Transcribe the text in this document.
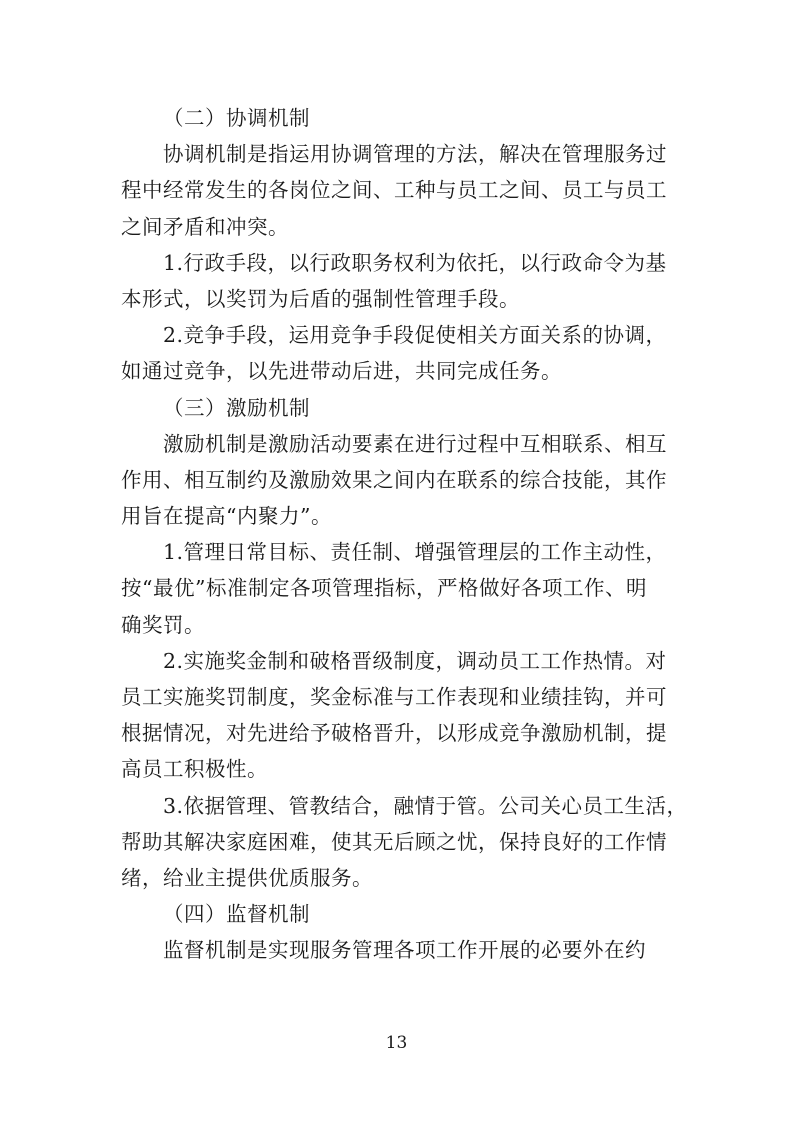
（二）协调机制
协调机制是指运用协调管理的方法，解决在管理服务过
程中经常发生的各岗位之间、工种与员工之间、员工与员工
之间矛盾和冲突。
1.行政手段，以行政职务权利为依托，以行政命令为基
本形式，以奖罚为后盾的强制性管理手段。
2.竞争手段，运用竞争手段促使相关方面关系的协调，
如通过竞争，以先进带动后进，共同完成任务。
（三）激励机制
激励机制是激励活动要素在进行过程中互相联系、相互
作用、相互制约及激励效果之间内在联系的综合技能，其作
用旨在提高“内聚力”。
1.管理日常目标、责任制、增强管理层的工作主动性，
按“最优”标准制定各项管理指标，严格做好各项工作、明
确奖罚。
2.实施奖金制和破格晋级制度，调动员工工作热情。对
员工实施奖罚制度，奖金标准与工作表现和业绩挂钩，并可
根据情况，对先进给予破格晋升，以形成竞争激励机制，提
高员工积极性。
3.依据管理、管教结合，融情于管。公司关心员工生活，
帮助其解决家庭困难，使其无后顾之忧，保持良好的工作情
绪，给业主提供优质服务。
（四）监督机制
监督机制是实现服务管理各项工作开展的必要外在约
13
